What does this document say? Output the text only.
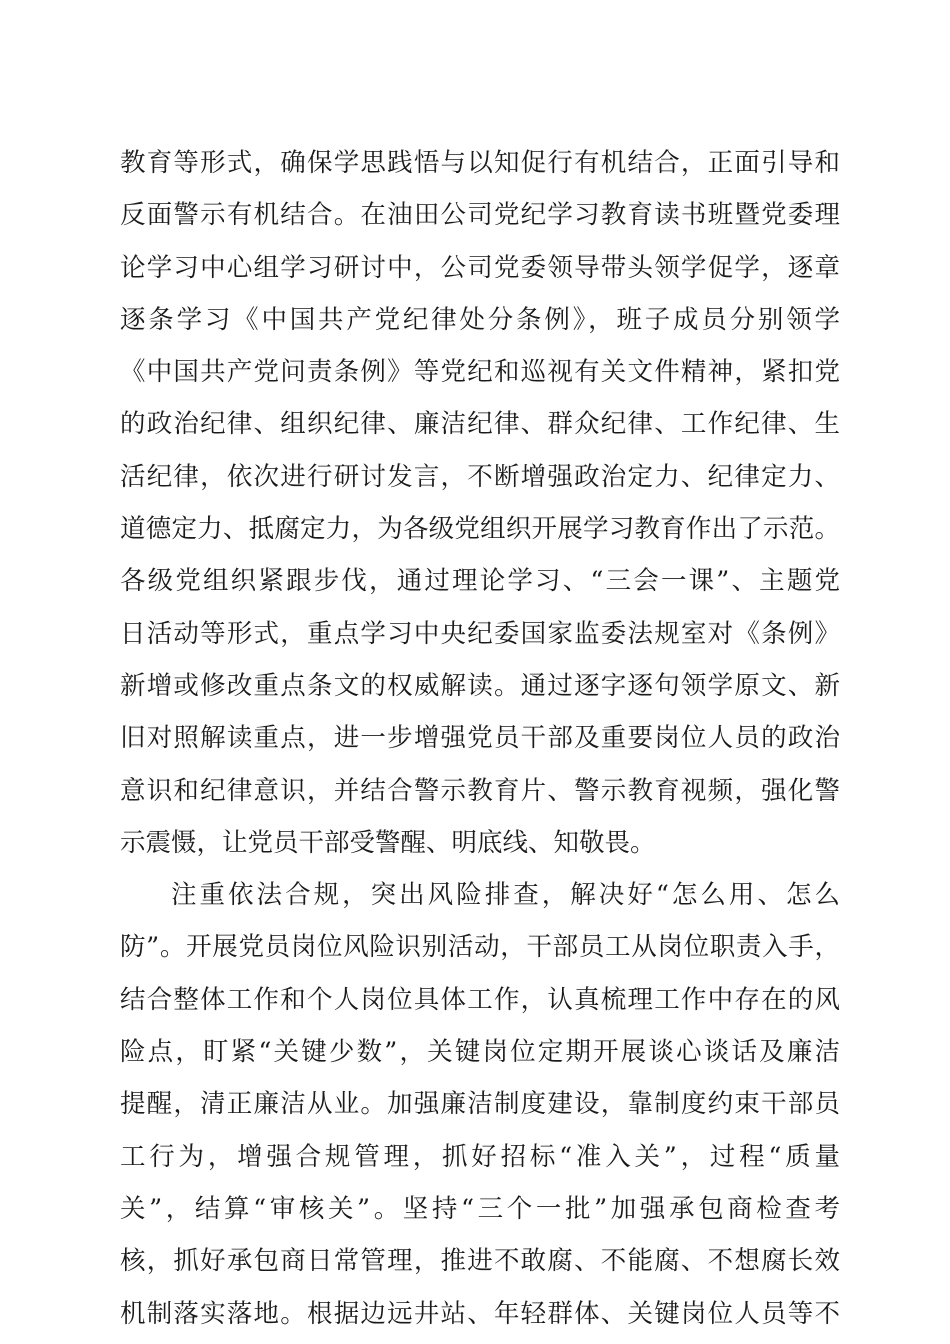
教育等形式，确保学思践悟与以知促行有机结合，正面引导和
反面警示有机结合。在油田公司党纪学习教育读书班暨党委理
论学习中心组学习研讨中，公司党委领导带头领学促学，逐章
逐条学习《中国共产党纪律处分条例》，班子成员分别领学
《中国共产党问责条例》等党纪和巡视有关文件精神，紧扣党
的政治纪律、组织纪律、廉洁纪律、群众纪律、工作纪律、生
活纪律，依次进行研讨发言，不断增强政治定力、纪律定力、
道德定力、抵腐定力，为各级党组织开展学习教育作出了示范。
各级党组织紧跟步伐，通过理论学习、“三会一课”、主题党
日活动等形式，重点学习中央纪委国家监委法规室对《条例》
新增或修改重点条文的权威解读。通过逐字逐句领学原文、新
旧对照解读重点，进一步增强党员干部及重要岗位人员的政治
意识和纪律意识，并结合警示教育片、警示教育视频，强化警
示震慑，让党员干部受警醒、明底线、知敬畏。
注重依法合规，突出风险排查，解决好“怎么用、怎么
防”。开展党员岗位风险识别活动，干部员工从岗位职责入手，
结合整体工作和个人岗位具体工作，认真梳理工作中存在的风
险点，盯紧“关键少数”，关键岗位定期开展谈心谈话及廉洁
提醒，清正廉洁从业。加强廉洁制度建设，靠制度约束干部员
工行为，增强合规管理，抓好招标“准入关”，过程“质量
关”，结算“审核关”。坚持“三个一批”加强承包商检查考
核，抓好承包商日常管理，推进不敢腐、不能腐、不想腐长效
机制落实落地。根据边远井站、年轻群体、关键岗位人员等不
